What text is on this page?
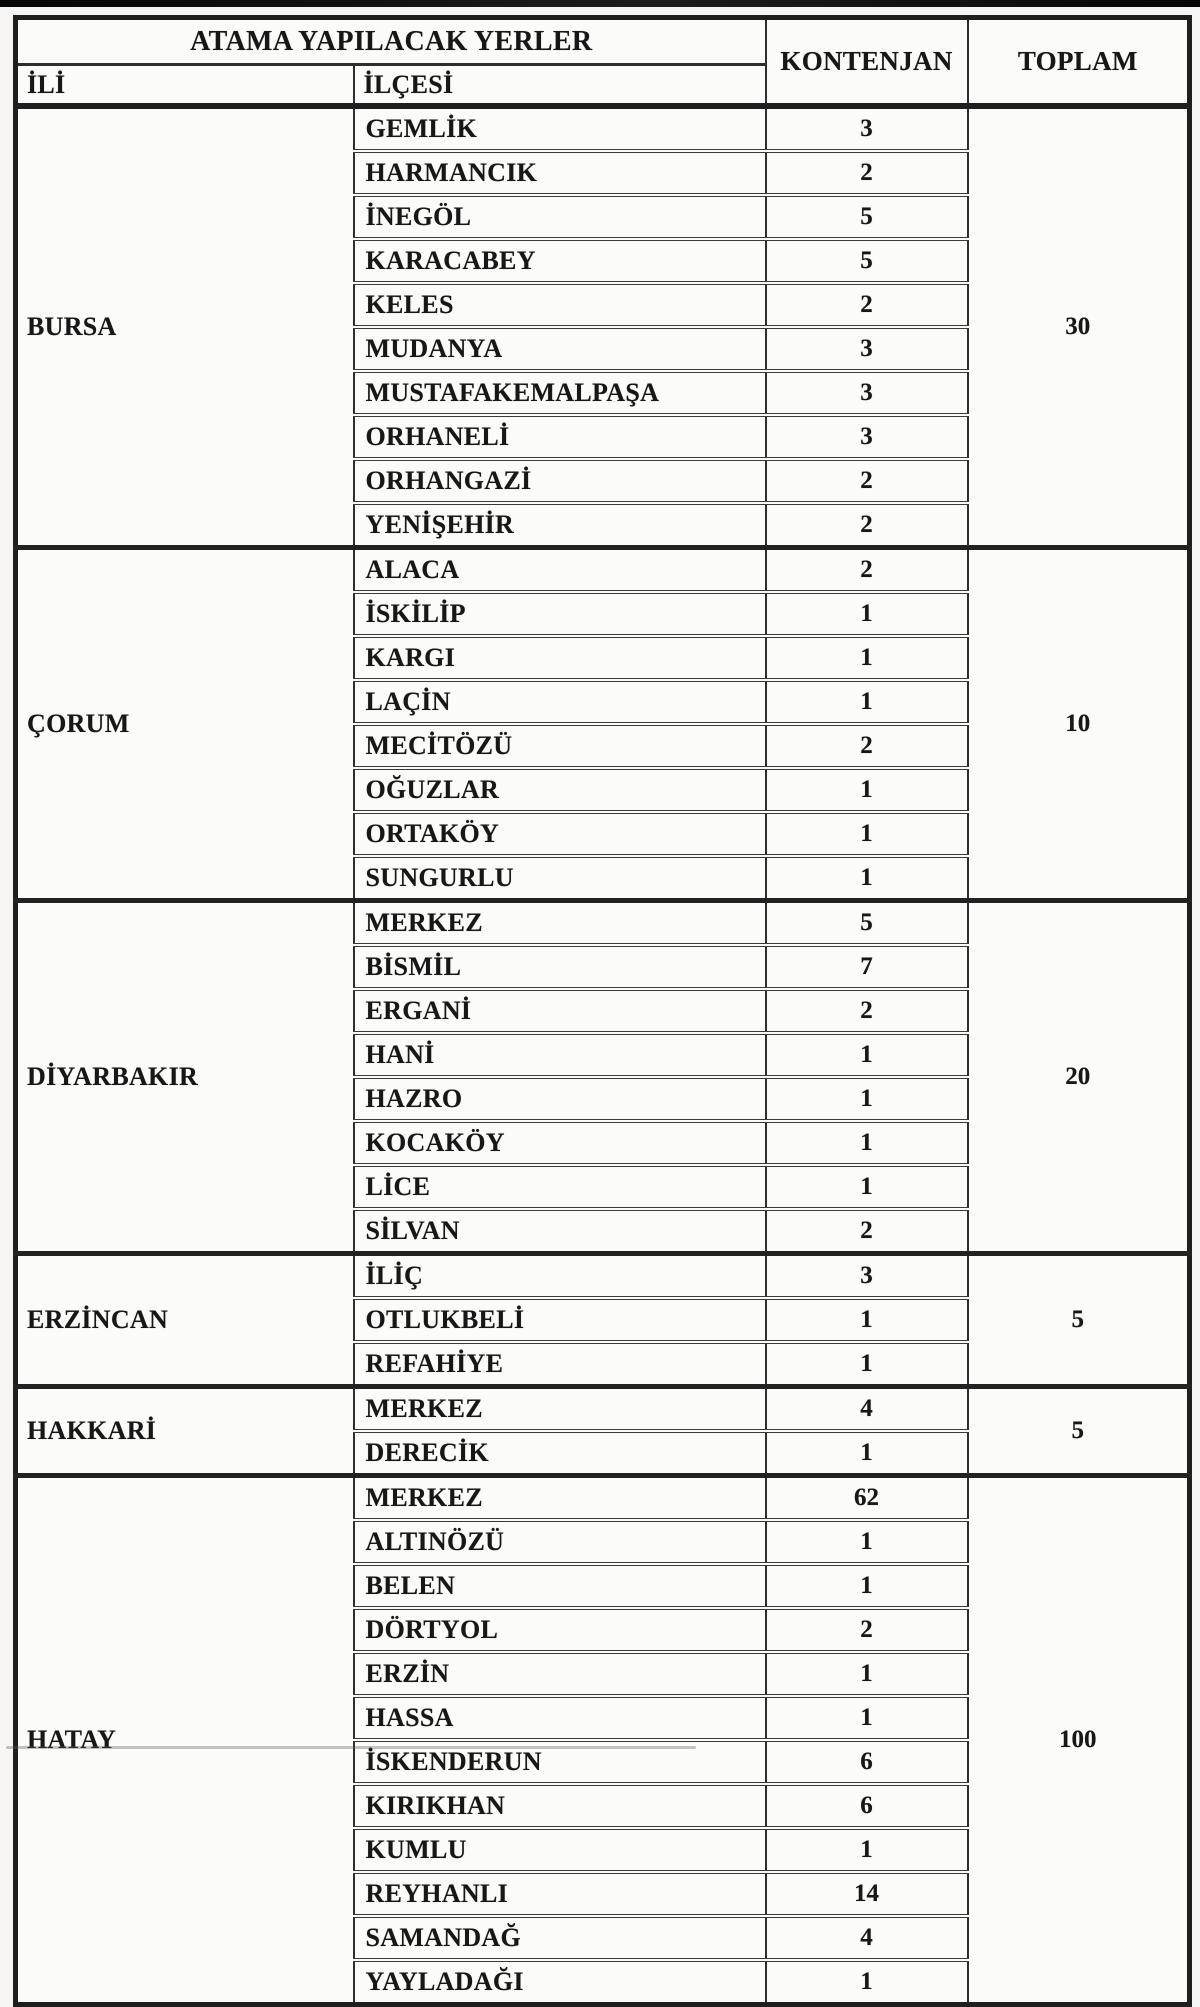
ATAMA YAPILACAK YERLER		KONTENJAN	TOPLAM
İLİ	İLÇESİ		
BURSA	GEMLİK	3	30
	HARMANCIK	2	
	İNEGÖL	5	
	KARACABEY	5	
	KELES	2	
	MUDANYA	3	
	MUSTAFAKEMALPAŞA	3	
	ORHANELİ	3	
	ORHANGAZİ	2	
	YENİŞEHİR	2	
ÇORUM	ALACA	2	10
	İSKİLİP	1	
	KARGI	1	
	LAÇİN	1	
	MECİTÖZÜ	2	
	OĞUZLAR	1	
	ORTAKÖY	1	
	SUNGURLU	1	
DİYARBAKIR	MERKEZ	5	20
	BİSMİL	7	
	ERGANİ	2	
	HANİ	1	
	HAZRO	1	
	KOCAKÖY	1	
	LİCE	1	
	SİLVAN	2	
ERZİNCAN	İLİÇ	3	5
	OTLUKBELİ	1	
	REFAHİYE	1	
HAKKARİ	MERKEZ	4	5
	DERECİK	1	
HATAY	MERKEZ	62	100
	ALTINÖZÜ	1	
	BELEN	1	
	DÖRTYOL	2	
	ERZİN	1	
	HASSA	1	
	İSKENDERUN	6	
	KIRIKHAN	6	
	KUMLU	1	
	REYHANLI	14	
	SAMANDAĞ	4	
	YAYLADAĞI	1	
